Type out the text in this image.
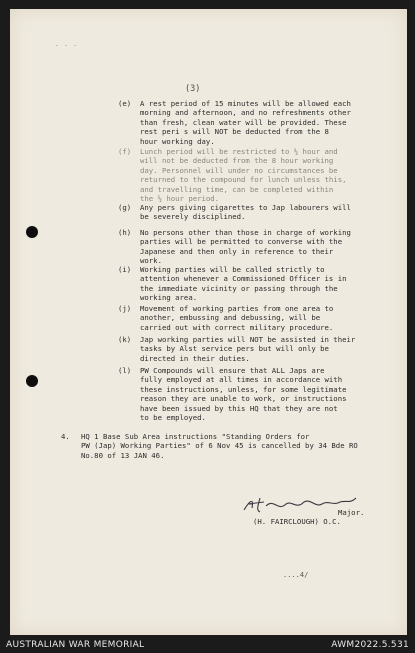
- - -
(3)
(e) A rest period of 15 minutes will be allowed each
morning and afternoon, and no refreshments other
than fresh, clean water will be provided. These
rest peri s will NOT be deducted from the 8
hour working day.
(f) Lunch period will be restricted to ½ hour and
will not be deducted from the 8 hour working
day. Personnel will under no circumstances be
returned to the compound for lunch unless this,
and travelling time, can be completed within
the ½ hour period.
(g) Any pers giving cigarettes to Jap labourers will
be severely disciplined.
(h) No persons other than those in charge of working
parties will be permitted to converse with the
Japanese and then only in reference to their
work.
(i) Working parties will be called strictly to
attention whenever a Commissioned Officer is in
the immediate vicinity or passing through the
working area.
(j) Movement of working parties from one area to
another, embussing and debussing, will be
carried out with correct military procedure.
(k) Jap working parties will NOT be assisted in their
tasks by Alst service pers but will only be
directed in their duties.
(l) PW Compounds will ensure that ALL Japs are
fully employed at all times in accordance with
these instructions, unless, for some legitimate
reason they are unable to work, or instructions
have been issued by this HQ that they are not
to be employed.
4. HQ 1 Base Sub Area instructions "Standing Orders for
PW (Jap) Working Parties" of 6 Nov 45 is cancelled by 34 Bde RO
No.80 of 13 JAN 46.
Major.
(H. FAIRCLOUGH) O.C.
....4/
AUSTRALIAN WAR MEMORIAL	AWM2022.5.531
